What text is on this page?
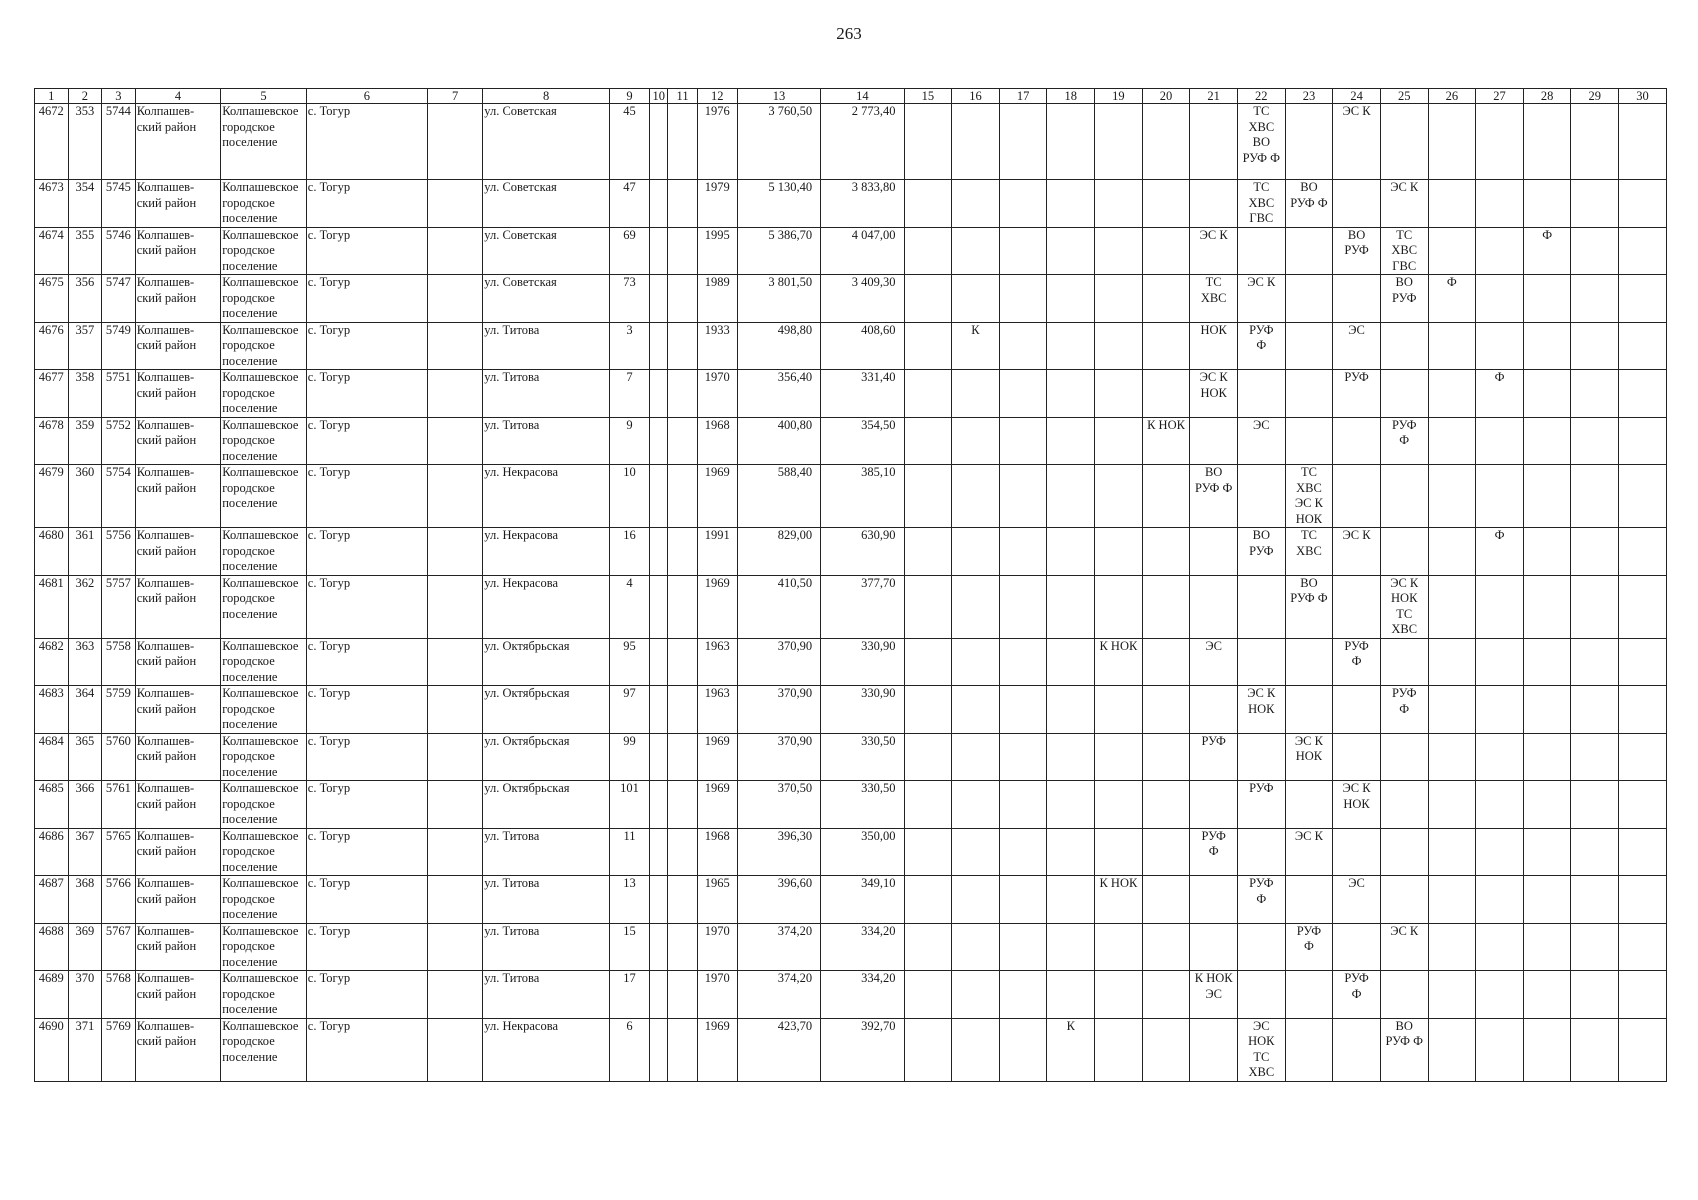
263
1	2	3	4	5	6	7	8	9	10	11	12	13	14	15	16	17	18	19	20	21	22	23	24	25	26	27	28	29	30
4672	353	5744	Колпашев-
ский район	Колпашевское
городское
поселение	с. Тогур		ул. Советская	45			1976	3 760,50	2 773,40								ТС
ХВС
ВО
РУФ Ф		ЭС К						
4673	354	5745	Колпашев-
ский район	Колпашевское
городское
поселение	с. Тогур		ул. Советская	47			1979	5 130,40	3 833,80								ТС
ХВС
ГВС	ВО
РУФ Ф		ЭС К					
4674	355	5746	Колпашев-
ский район	Колпашевское
городское
поселение	с. Тогур		ул. Советская	69			1995	5 386,70	4 047,00							ЭС К			ВО
РУФ	ТС
ХВС
ГВС			Ф		
4675	356	5747	Колпашев-
ский район	Колпашевское
городское
поселение	с. Тогур		ул. Советская	73			1989	3 801,50	3 409,30							ТС
ХВС	ЭС К			ВО
РУФ	Ф				
4676	357	5749	Колпашев-
ский район	Колпашевское
городское
поселение	с. Тогур		ул. Титова	3			1933	498,80	408,60		К					НОК	РУФ
Ф		ЭС						
4677	358	5751	Колпашев-
ский район	Колпашевское
городское
поселение	с. Тогур		ул. Титова	7			1970	356,40	331,40							ЭС К
НОК			РУФ			Ф			
4678	359	5752	Колпашев-
ский район	Колпашевское
городское
поселение	с. Тогур		ул. Титова	9			1968	400,80	354,50						К НОК		ЭС			РУФ
Ф					
4679	360	5754	Колпашев-
ский район	Колпашевское
городское
поселение	с. Тогур		ул. Некрасова	10			1969	588,40	385,10							ВО
РУФ Ф		ТС
ХВС
ЭС К
НОК							
4680	361	5756	Колпашев-
ский район	Колпашевское
городское
поселение	с. Тогур		ул. Некрасова	16			1991	829,00	630,90								ВО
РУФ	ТС
ХВС	ЭС К			Ф			
4681	362	5757	Колпашев-
ский район	Колпашевское
городское
поселение	с. Тогур		ул. Некрасова	4			1969	410,50	377,70									ВО
РУФ Ф		ЭС К
НОК
ТС
ХВС					
4682	363	5758	Колпашев-
ский район	Колпашевское
городское
поселение	с. Тогур		ул. Октябрьская	95			1963	370,90	330,90					К НОК		ЭС			РУФ
Ф						
4683	364	5759	Колпашев-
ский район	Колпашевское
городское
поселение	с. Тогур		ул. Октябрьская	97			1963	370,90	330,90								ЭС К
НОК			РУФ
Ф					
4684	365	5760	Колпашев-
ский район	Колпашевское
городское
поселение	с. Тогур		ул. Октябрьская	99			1969	370,90	330,50							РУФ		ЭС К
НОК							
4685	366	5761	Колпашев-
ский район	Колпашевское
городское
поселение	с. Тогур		ул. Октябрьская	101			1969	370,50	330,50								РУФ		ЭС К
НОК						
4686	367	5765	Колпашев-
ский район	Колпашевское
городское
поселение	с. Тогур		ул. Титова	11			1968	396,30	350,00							РУФ
Ф		ЭС К							
4687	368	5766	Колпашев-
ский район	Колпашевское
городское
поселение	с. Тогур		ул. Титова	13			1965	396,60	349,10					К НОК			РУФ
Ф		ЭС						
4688	369	5767	Колпашев-
ский район	Колпашевское
городское
поселение	с. Тогур		ул. Титова	15			1970	374,20	334,20									РУФ
Ф		ЭС К					
4689	370	5768	Колпашев-
ский район	Колпашевское
городское
поселение	с. Тогур		ул. Титова	17			1970	374,20	334,20							К НОК
ЭС			РУФ
Ф						
4690	371	5769	Колпашев-
ский район	Колпашевское
городское
поселение	с. Тогур		ул. Некрасова	6			1969	423,70	392,70				К				ЭС
НОК
ТС
ХВС			ВО
РУФ Ф					
